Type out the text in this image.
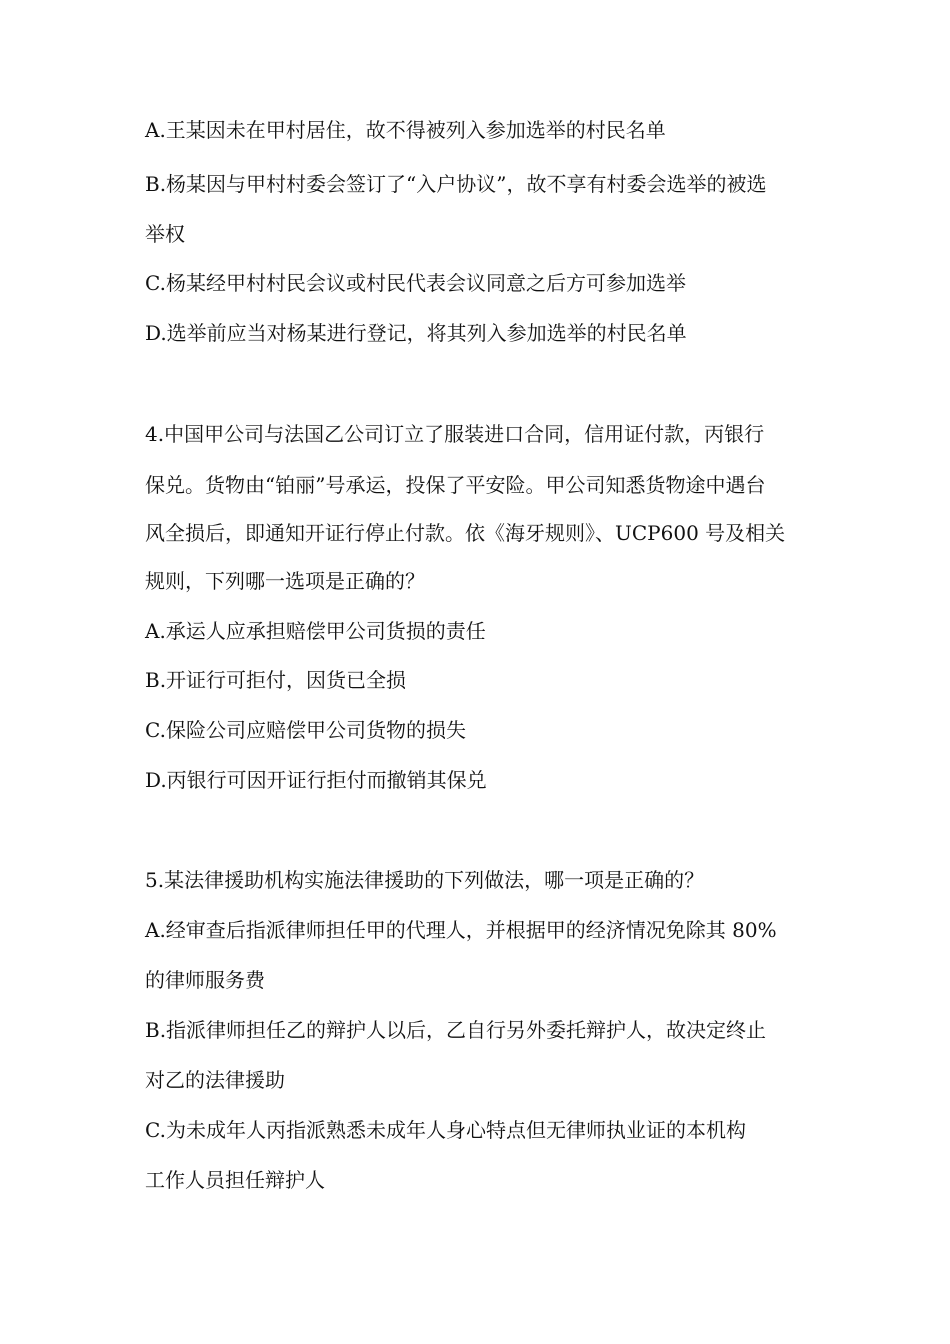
A.王某因未在甲村居住，故不得被列入参加选举的村民名单
B.杨某因与甲村村委会签订了“入户协议”，故不享有村委会选举的被选
举权
C.杨某经甲村村民会议或村民代表会议同意之后方可参加选举
D.选举前应当对杨某进行登记，将其列入参加选举的村民名单
4.中国甲公司与法国乙公司订立了服装进口合同，信用证付款，丙银行
保兑。货物由“铂丽”号承运，投保了平安险。甲公司知悉货物途中遇台
风全损后，即通知开证行停止付款。依《海牙规则》、UCP600 号及相关
规则，下列哪一选项是正确的？
A.承运人应承担赔偿甲公司货损的责任
B.开证行可拒付，因货已全损
C.保险公司应赔偿甲公司货物的损失
D.丙银行可因开证行拒付而撤销其保兑
5.某法律援助机构实施法律援助的下列做法，哪一项是正确的？
A.经审查后指派律师担任甲的代理人，并根据甲的经济情况免除其 80%
的律师服务费
B.指派律师担任乙的辩护人以后，乙自行另外委托辩护人，故决定终止
对乙的法律援助
C.为未成年人丙指派熟悉未成年人身心特点但无律师执业证的本机构
工作人员担任辩护人
